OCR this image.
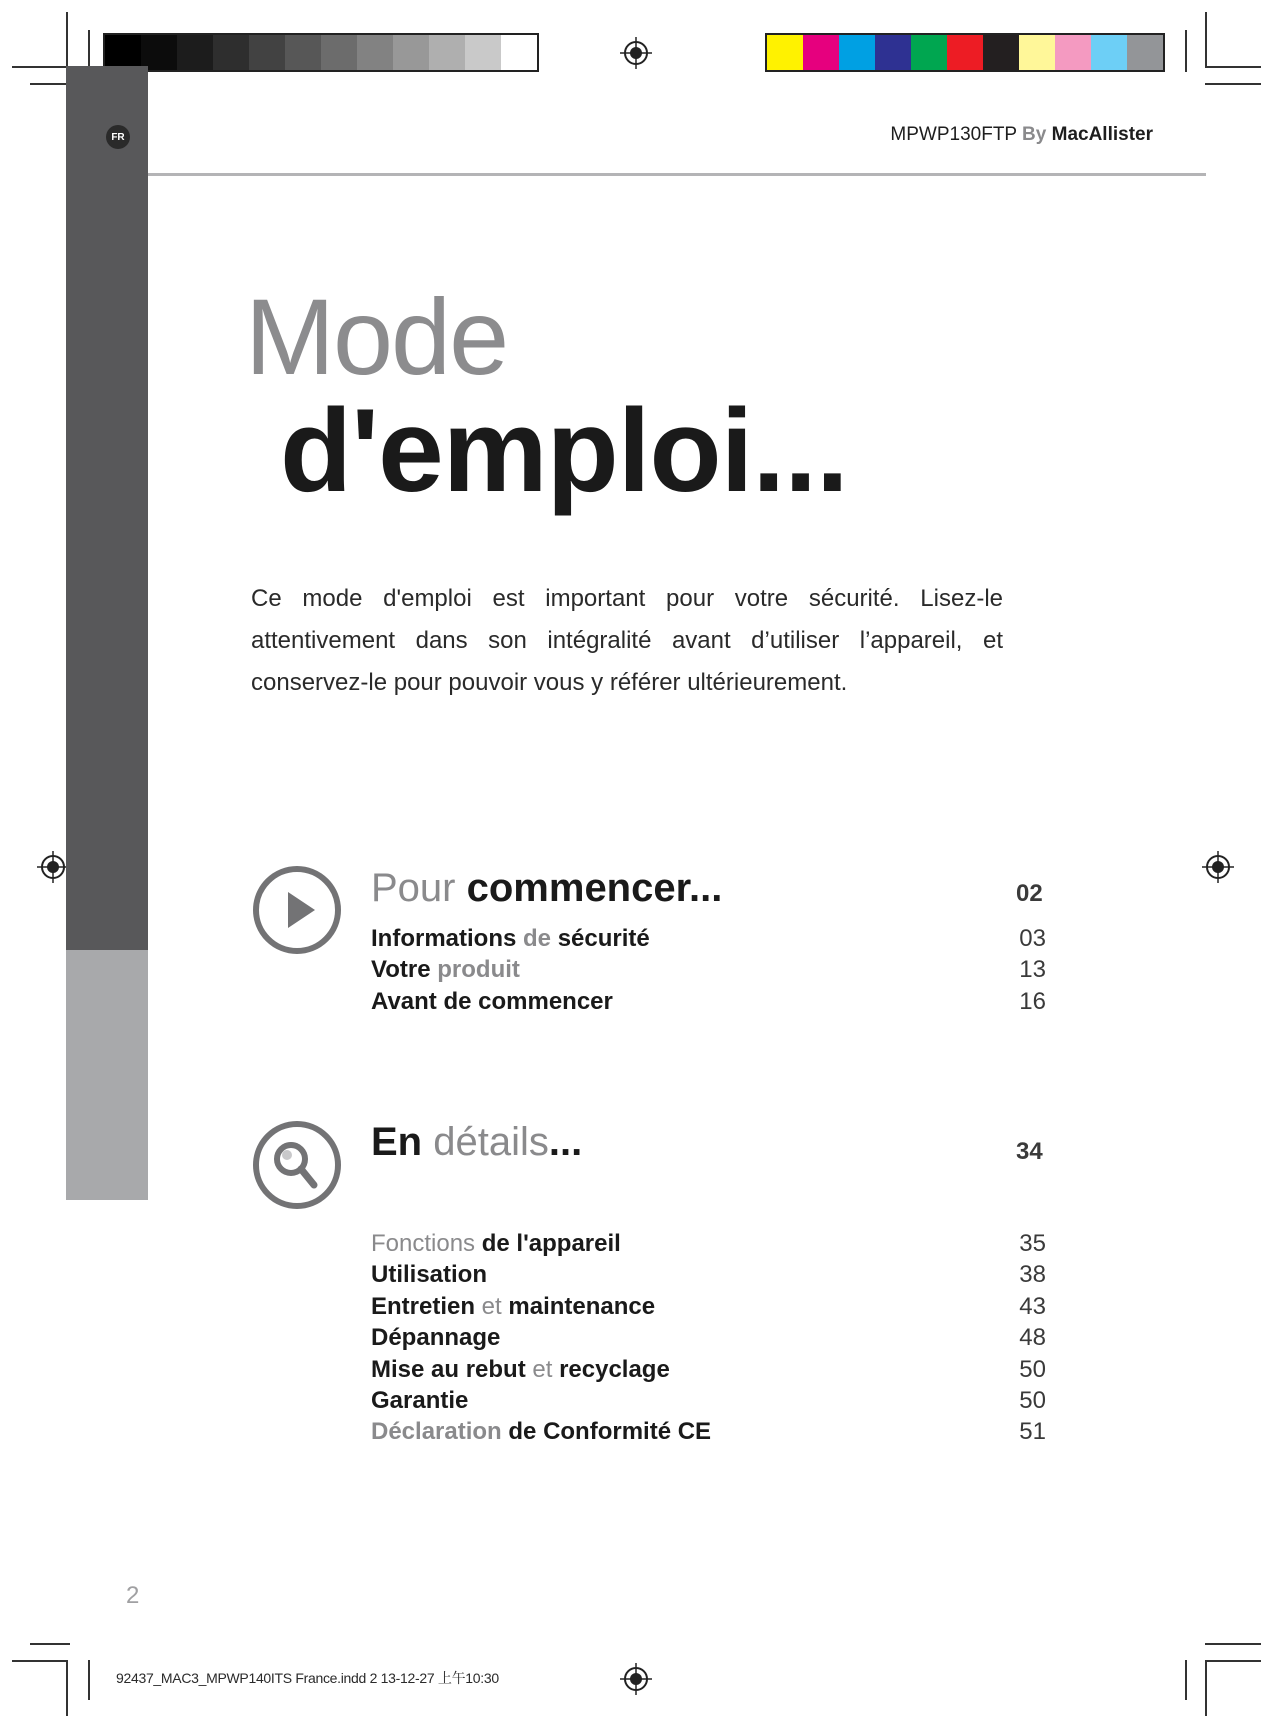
FR	MPWP130FTP By MacAllister
Mode
d'emploi...
Ce mode d'emploi est important pour votre sécurité. Lisez-le attentivement dans son intégralité avant d’utiliser l’appareil, et conservez-le pour pouvoir vous y référer ultérieurement.
Pour commencer...	02
Informations de sécurité	03
Votre produit	13
Avant de commencer	16
En détails...	34
Fonctions de l'appareil	35
Utilisation	38
Entretien et maintenance	43
Dépannage	48
Mise au rebut et recyclage	50
Garantie	50
Déclaration de Conformité CE	51
2
92437_MAC3_MPWP140ITS France.indd 2 13-12-27 上午10:30
